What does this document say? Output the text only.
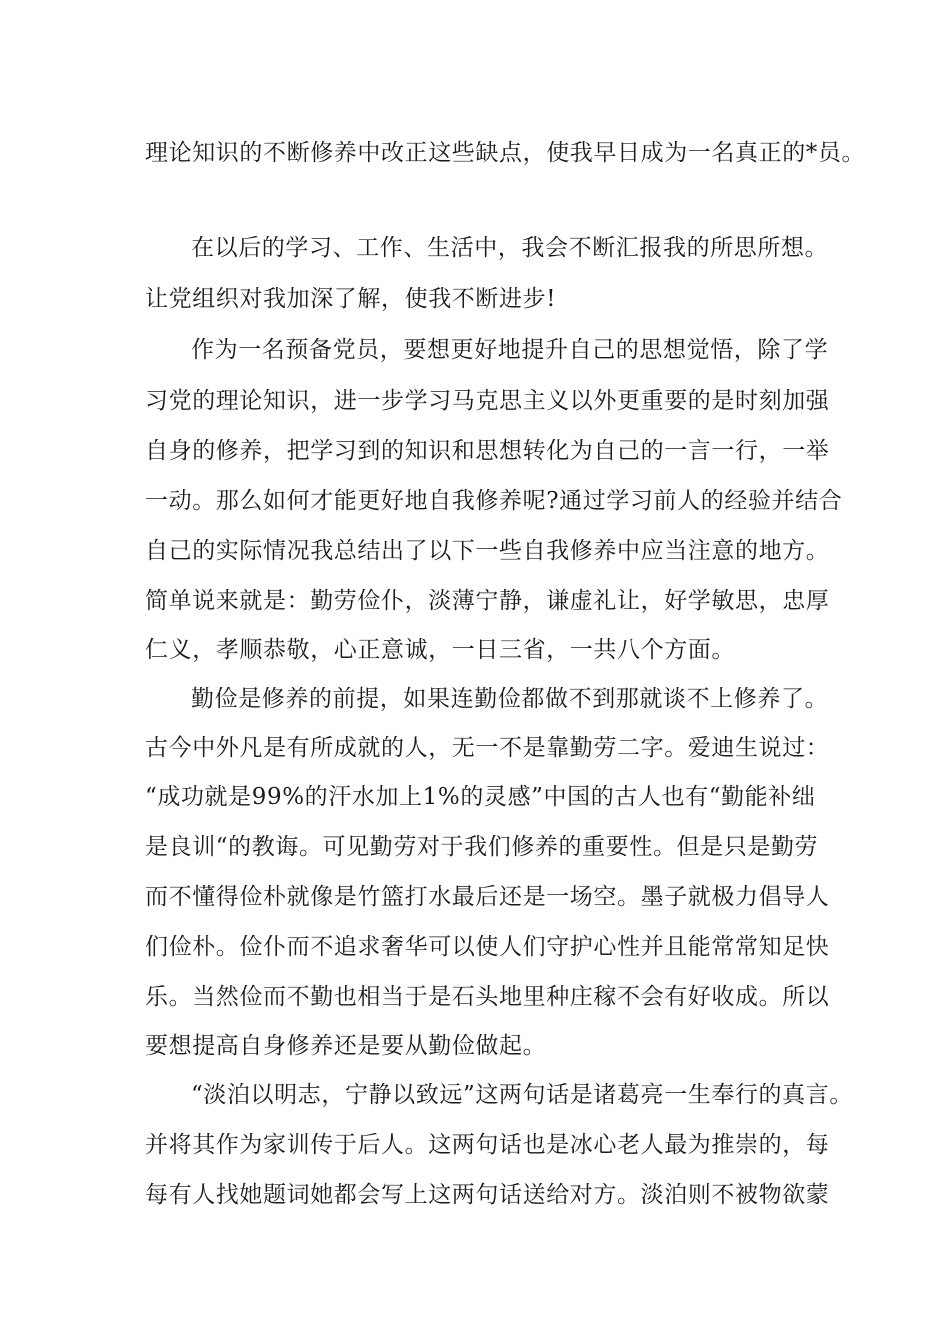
理论知识的不断修养中改正这些缺点，使我早日成为一名真正的*员。
在以后的学习、工作、生活中，我会不断汇报我的所思所想。
让党组织对我加深了解，使我不断进步!
作为一名预备党员，要想更好地提升自己的思想觉悟，除了学
习党的理论知识，进一步学习马克思主义以外更重要的是时刻加强
自身的修养，把学习到的知识和思想转化为自己的一言一行，一举
一动。那么如何才能更好地自我修养呢?通过学习前人的经验并结合
自己的实际情况我总结出了以下一些自我修养中应当注意的地方。
简单说来就是：勤劳俭仆，淡薄宁静，谦虚礼让，好学敏思，忠厚
仁义，孝顺恭敬，心正意诚，一日三省，一共八个方面。
勤俭是修养的前提，如果连勤俭都做不到那就谈不上修养了。
古今中外凡是有所成就的人，无一不是靠勤劳二字。爱迪生说过：
“成功就是99%的汗水加上1%的灵感”中国的古人也有“勤能补绌
是良训“的教诲。可见勤劳对于我们修养的重要性。但是只是勤劳
而不懂得俭朴就像是竹篮打水最后还是一场空。墨子就极力倡导人
们俭朴。俭仆而不追求奢华可以使人们守护心性并且能常常知足快
乐。当然俭而不勤也相当于是石头地里种庄稼不会有好收成。所以
要想提高自身修养还是要从勤俭做起。
“淡泊以明志，宁静以致远”这两句话是诸葛亮一生奉行的真言。
并将其作为家训传于后人。这两句话也是冰心老人最为推崇的，每
每有人找她题词她都会写上这两句话送给对方。淡泊则不被物欲蒙
